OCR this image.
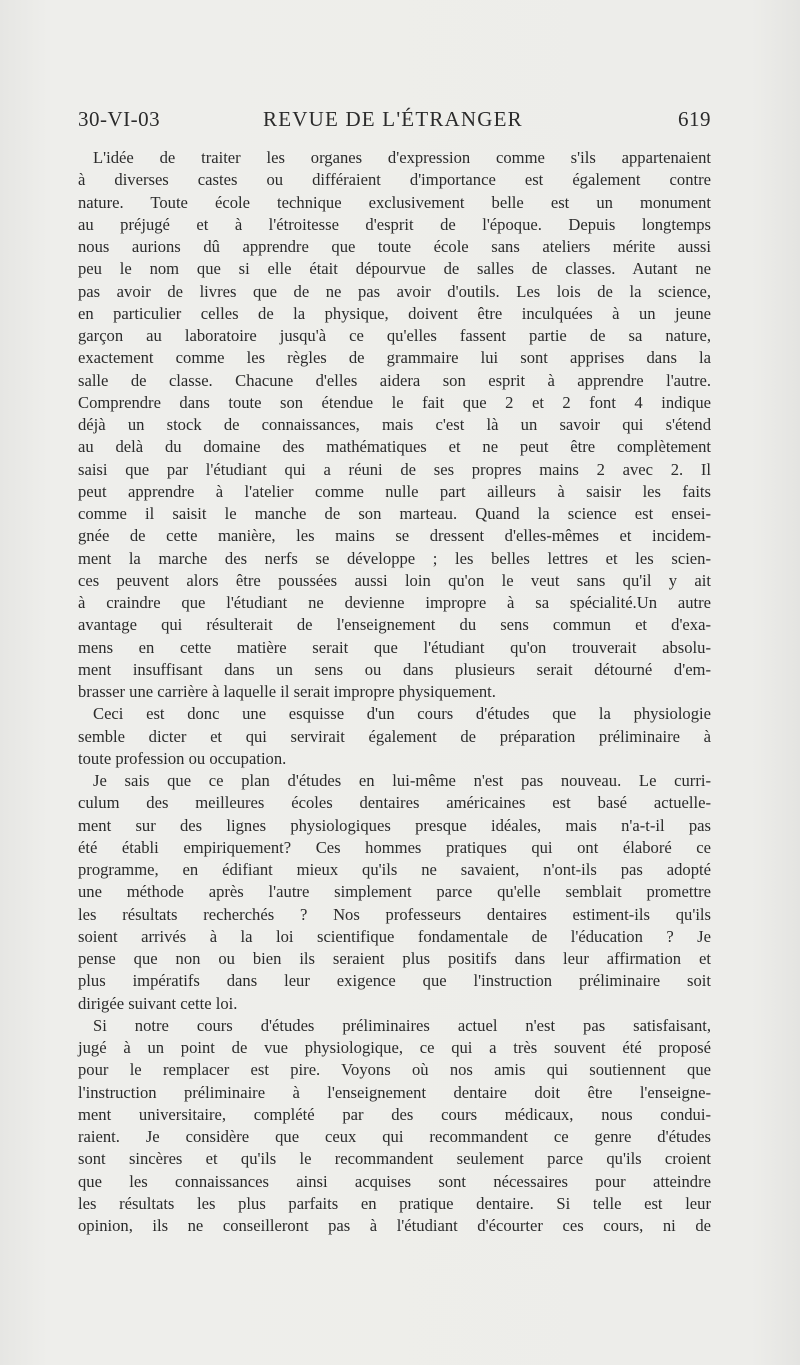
30-VI-03	REVUE DE L'ÉTRANGER	619
L'idée de traiter les organes d'expression comme s'ils appartenaient
à diverses castes ou différaient d'importance est également contre
nature. Toute école technique exclusivement belle est un monument
au préjugé et à l'étroitesse d'esprit de l'époque. Depuis longtemps
nous aurions dû apprendre que toute école sans ateliers mérite aussi
peu le nom que si elle était dépourvue de salles de classes. Autant ne
pas avoir de livres que de ne pas avoir d'outils. Les lois de la science,
en particulier celles de la physique, doivent être inculquées à un jeune
garçon au laboratoire jusqu'à ce qu'elles fassent partie de sa nature,
exactement comme les règles de grammaire lui sont apprises dans la
salle de classe. Chacune d'elles aidera son esprit à apprendre l'autre.
Comprendre dans toute son étendue le fait que 2 et 2 font 4 indique
déjà un stock de connaissances, mais c'est là un savoir qui s'étend
au delà du domaine des mathématiques et ne peut être complètement
saisi que par l'étudiant qui a réuni de ses propres mains 2 avec 2. Il
peut apprendre à l'atelier comme nulle part ailleurs à saisir les faits
comme il saisit le manche de son marteau. Quand la science est ensei-
gnée de cette manière, les mains se dressent d'elles-mêmes et incidem-
ment la marche des nerfs se développe ; les belles lettres et les scien-
ces peuvent alors être poussées aussi loin qu'on le veut sans qu'il y ait
à craindre que l'étudiant ne devienne impropre à sa spécialité.Un autre
avantage qui résulterait de l'enseignement du sens commun et d'exa-
mens en cette matière serait que l'étudiant qu'on trouverait absolu-
ment insuffisant dans un sens ou dans plusieurs serait détourné d'em-
brasser une carrière à laquelle il serait impropre physiquement.
Ceci est donc une esquisse d'un cours d'études que la physiologie
semble dicter et qui servirait également de préparation préliminaire à
toute profession ou occupation.
Je sais que ce plan d'études en lui-même n'est pas nouveau. Le curri-
culum des meilleures écoles dentaires américaines est basé actuelle-
ment sur des lignes physiologiques presque idéales, mais n'a-t-il pas
été établi empiriquement? Ces hommes pratiques qui ont élaboré ce
programme, en édifiant mieux qu'ils ne savaient, n'ont-ils pas adopté
une méthode après l'autre simplement parce qu'elle semblait promettre
les résultats recherchés ? Nos professeurs dentaires estiment-ils qu'ils
soient arrivés à la loi scientifique fondamentale de l'éducation ? Je
pense que non ou bien ils seraient plus positifs dans leur affirmation et
plus impératifs dans leur exigence que l'instruction préliminaire soit
dirigée suivant cette loi.
Si notre cours d'études préliminaires actuel n'est pas satisfaisant,
jugé à un point de vue physiologique, ce qui a très souvent été proposé
pour le remplacer est pire. Voyons où nos amis qui soutiennent que
l'instruction préliminaire à l'enseignement dentaire doit être l'enseigne-
ment universitaire, complété par des cours médicaux, nous condui-
raient. Je considère que ceux qui recommandent ce genre d'études
sont sincères et qu'ils le recommandent seulement parce qu'ils croient
que les connaissances ainsi acquises sont nécessaires pour atteindre
les résultats les plus parfaits en pratique dentaire. Si telle est leur
opinion, ils ne conseilleront pas à l'étudiant d'écourter ces cours, ni de
